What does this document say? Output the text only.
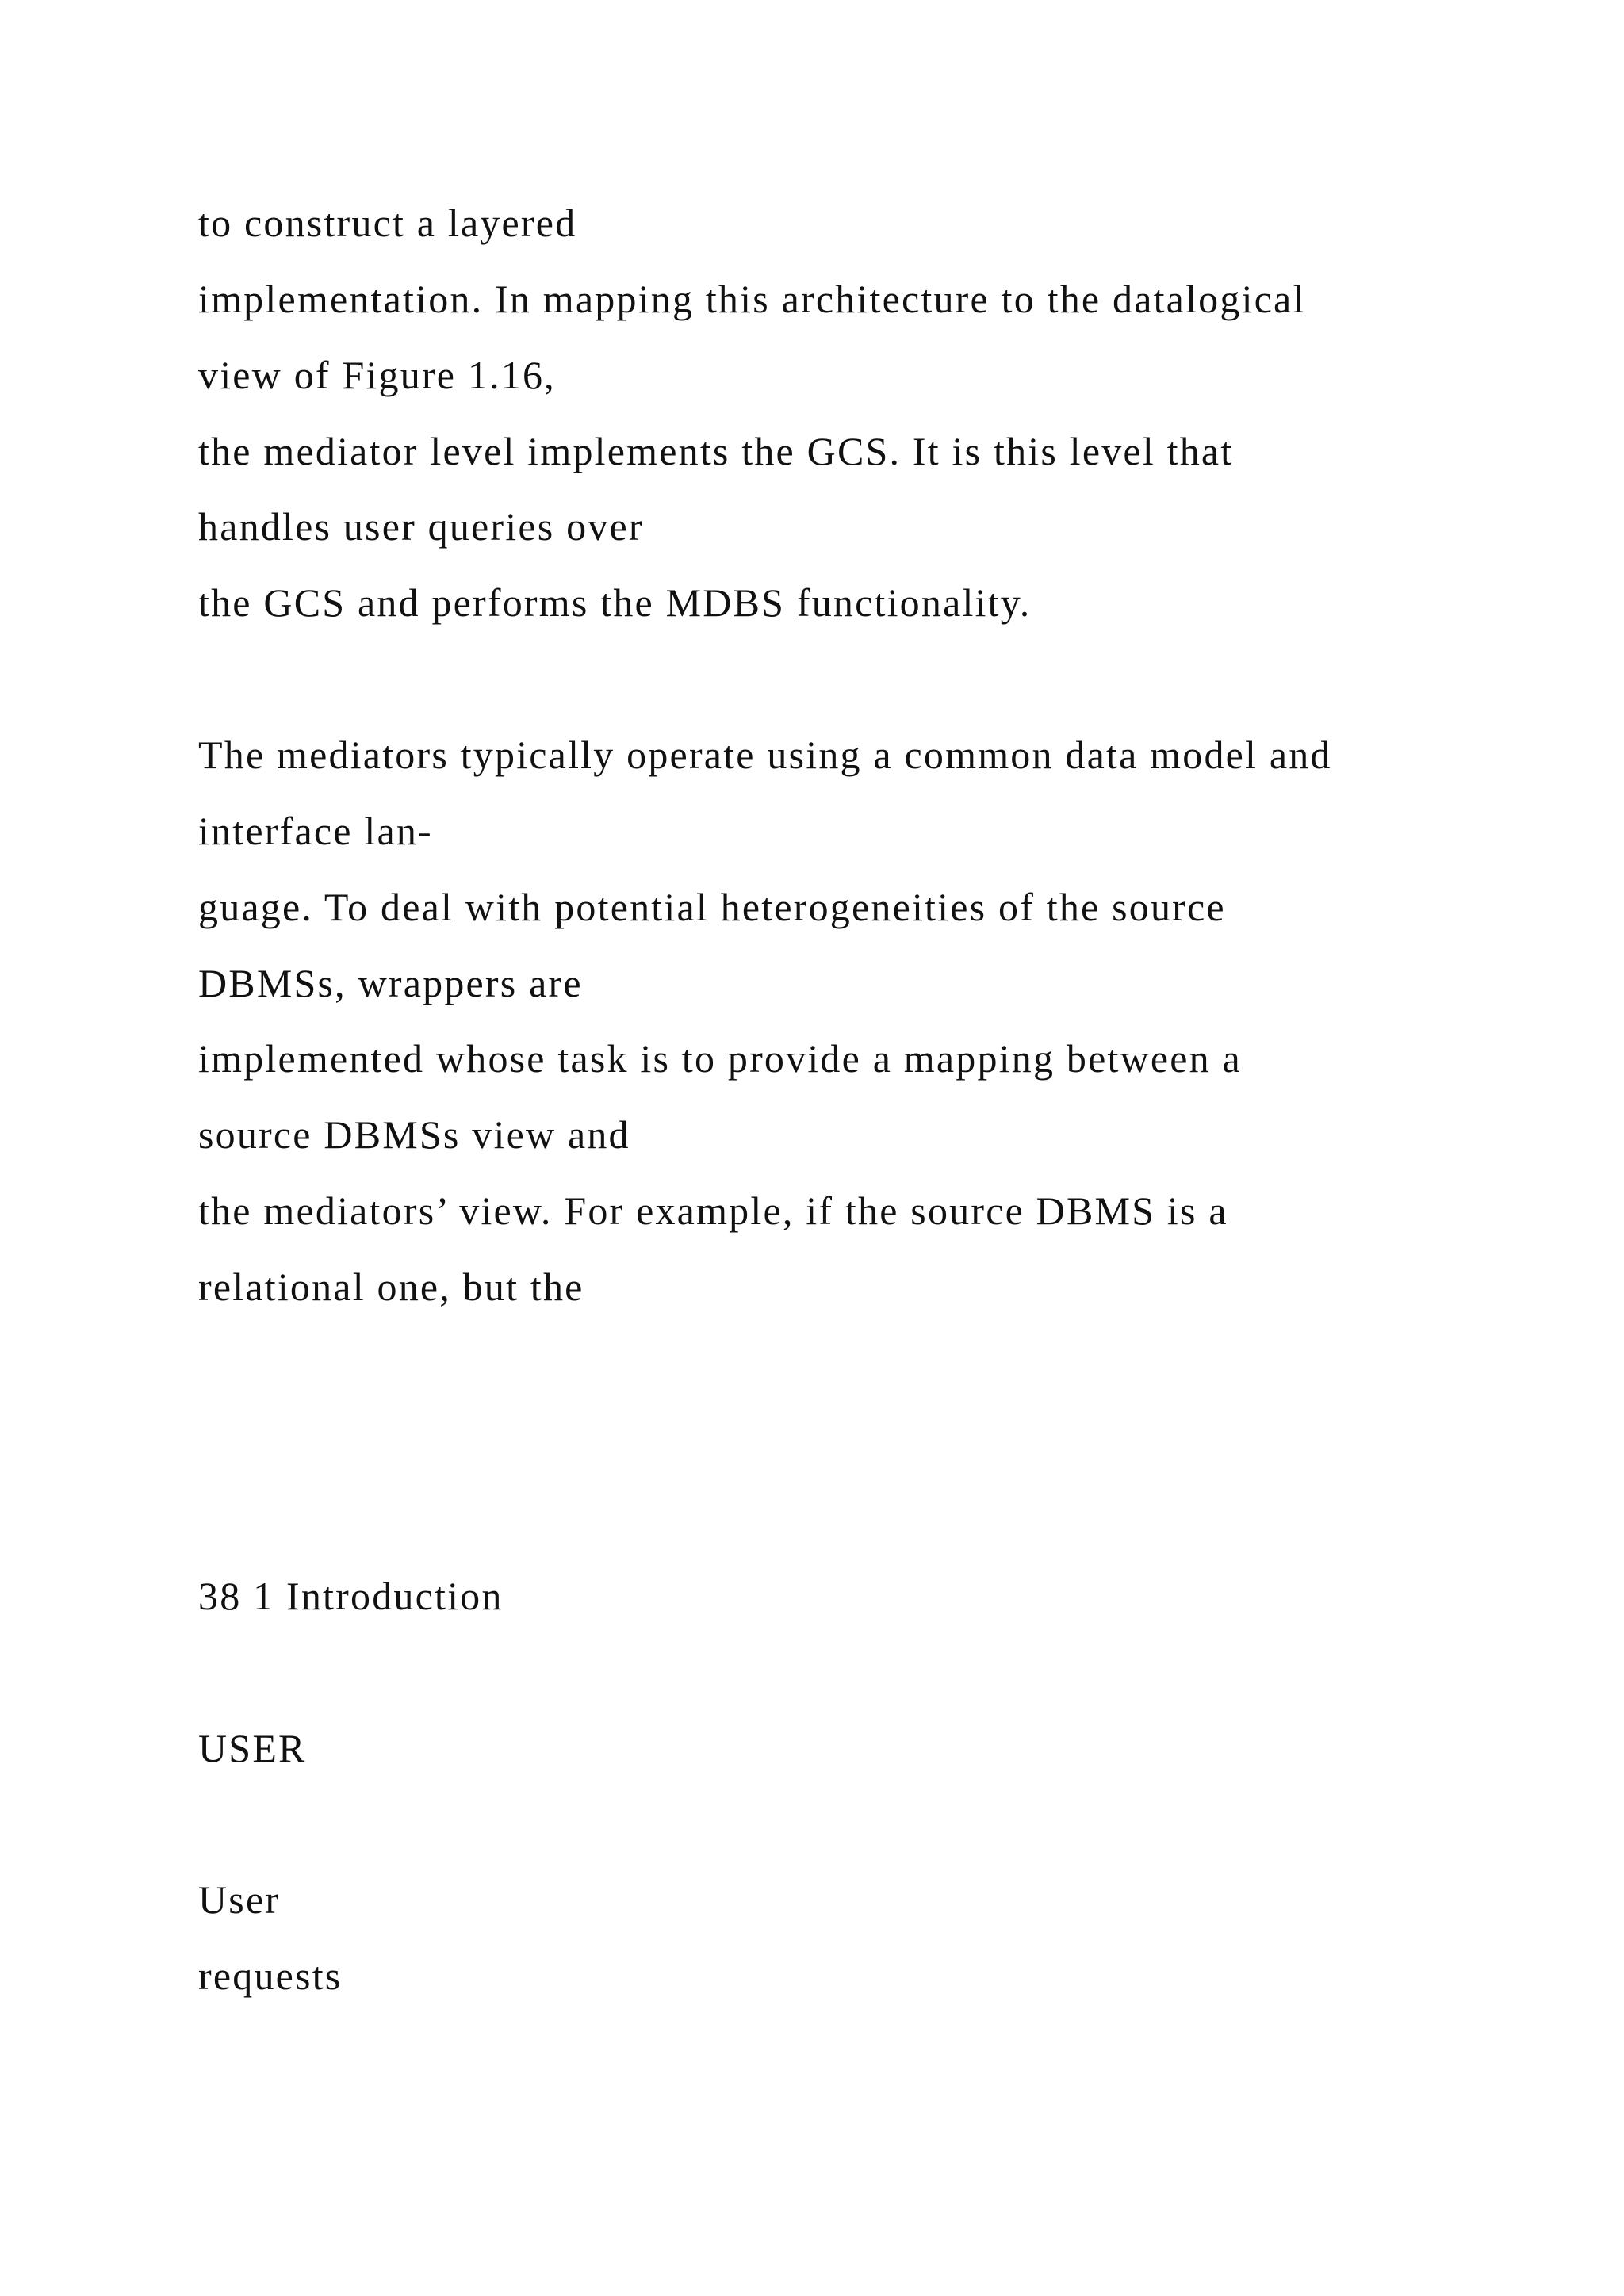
to construct a layered

implementation. In mapping this architecture to the datalogical

view of Figure 1.16,

the mediator level implements the GCS. It is this level that

handles user queries over

the GCS and performs the MDBS functionality.

The mediators typically operate using a common data model and

interface lan-

guage. To deal with potential heterogeneities of the source

DBMSs, wrappers are

implemented whose task is to provide a mapping between a

source DBMSs view and

the mediators’ view. For example, if the source DBMS is a

relational one, but the

38 1 Introduction

USER

User

requests
